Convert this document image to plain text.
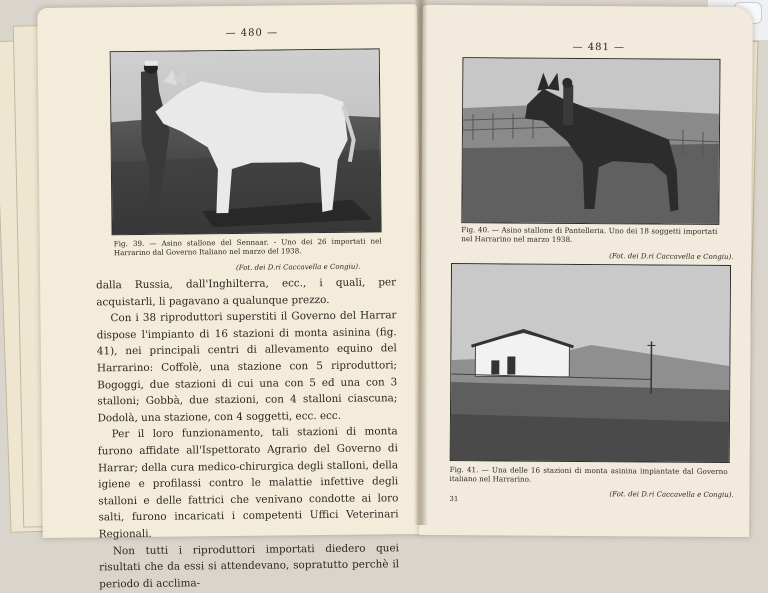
— 480 —
Fig. 39. — Asino stallone del Sennaar. - Uno dei 26 importati nel Harrarino dal Governo Italiano nel marzo del 1938.
(Fot. dei D.ri Caccavella e Congiu).

dalla Russia, dall'Inghilterra, ecc., i quali, per acquistarli, li pagavano a qualunque prezzo.

Con i 38 riproduttori superstiti il Governo del Harrar dispose l'impianto di 16 stazioni di monta asinina (fig. 41), nei principali centri di allevamento equino del Harrarino: Coffolè, una stazione con 5 riproduttori; Bogoggi, due stazioni di cui una con 5 ed una con 3 stalloni; Gobbà, due stazioni, con 4 stalloni ciascuna; Dodolà, una stazione, con 4 soggetti, ecc. ecc.

Per il loro funzionamento, tali stazioni di monta furono affidate all'Ispettorato Agrario del Governo di Harrar; della cura medico-chirurgica degli stalloni, della igiene e profilassi contro le malattie infettive degli stalloni e delle fattrici che venivano condotte ai loro salti, furono incaricati i competenti Uffici Veterinari Regionali.

Non tutti i riproduttori importati diedero quei risultati che da essi si attendevano, sopratutto perchè il periodo di acclima-

— 481 —
Fig. 40. — Asino stallone di Pantelleria. Uno dei 18 soggetti importati nel Harrarino nel marzo 1938.
(Fot. dei D.ri Caccavella e Congiu).
Fig. 41. — Una delle 16 stazioni di monta asinina impiantate dal Governo italiano nel Harrarino.
(Fot. dei D.ri Caccavella e Congiu).
31
